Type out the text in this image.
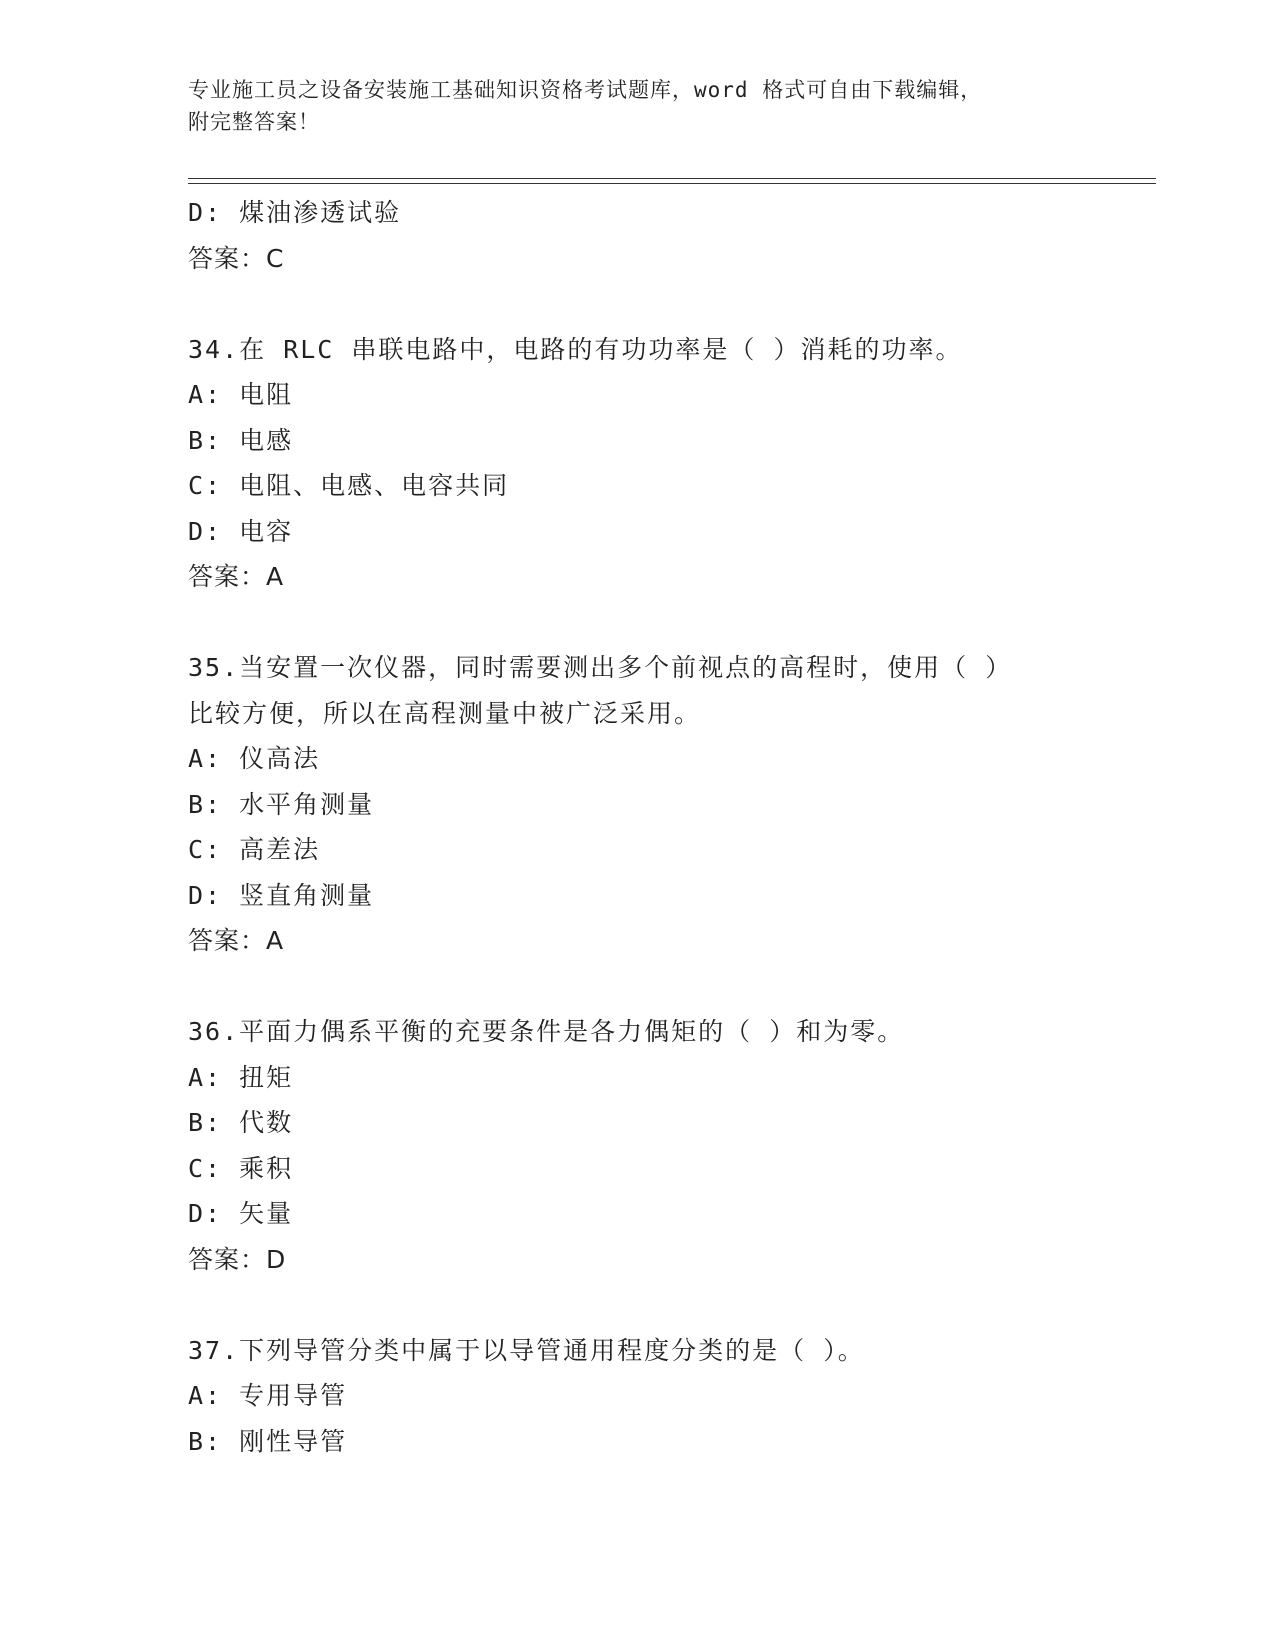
专业施工员之设备安装施工基础知识资格考试题库，word 格式可自由下载编辑，
附完整答案！
D: 煤油渗透试验
答案：C
34.在 RLC 串联电路中，电路的有功功率是（ ）消耗的功率。
A: 电阻
B: 电感
C: 电阻、电感、电容共同
D: 电容
答案：A
35.当安置一次仪器，同时需要测出多个前视点的高程时，使用（ ）
比较方便，所以在高程测量中被广泛采用。
A: 仪高法
B: 水平角测量
C: 高差法
D: 竖直角测量
答案：A
36.平面力偶系平衡的充要条件是各力偶矩的（ ）和为零。
A: 扭矩
B: 代数
C: 乘积
D: 矢量
答案：D
37.下列导管分类中属于以导管通用程度分类的是（ ）。
A: 专用导管
B: 刚性导管
